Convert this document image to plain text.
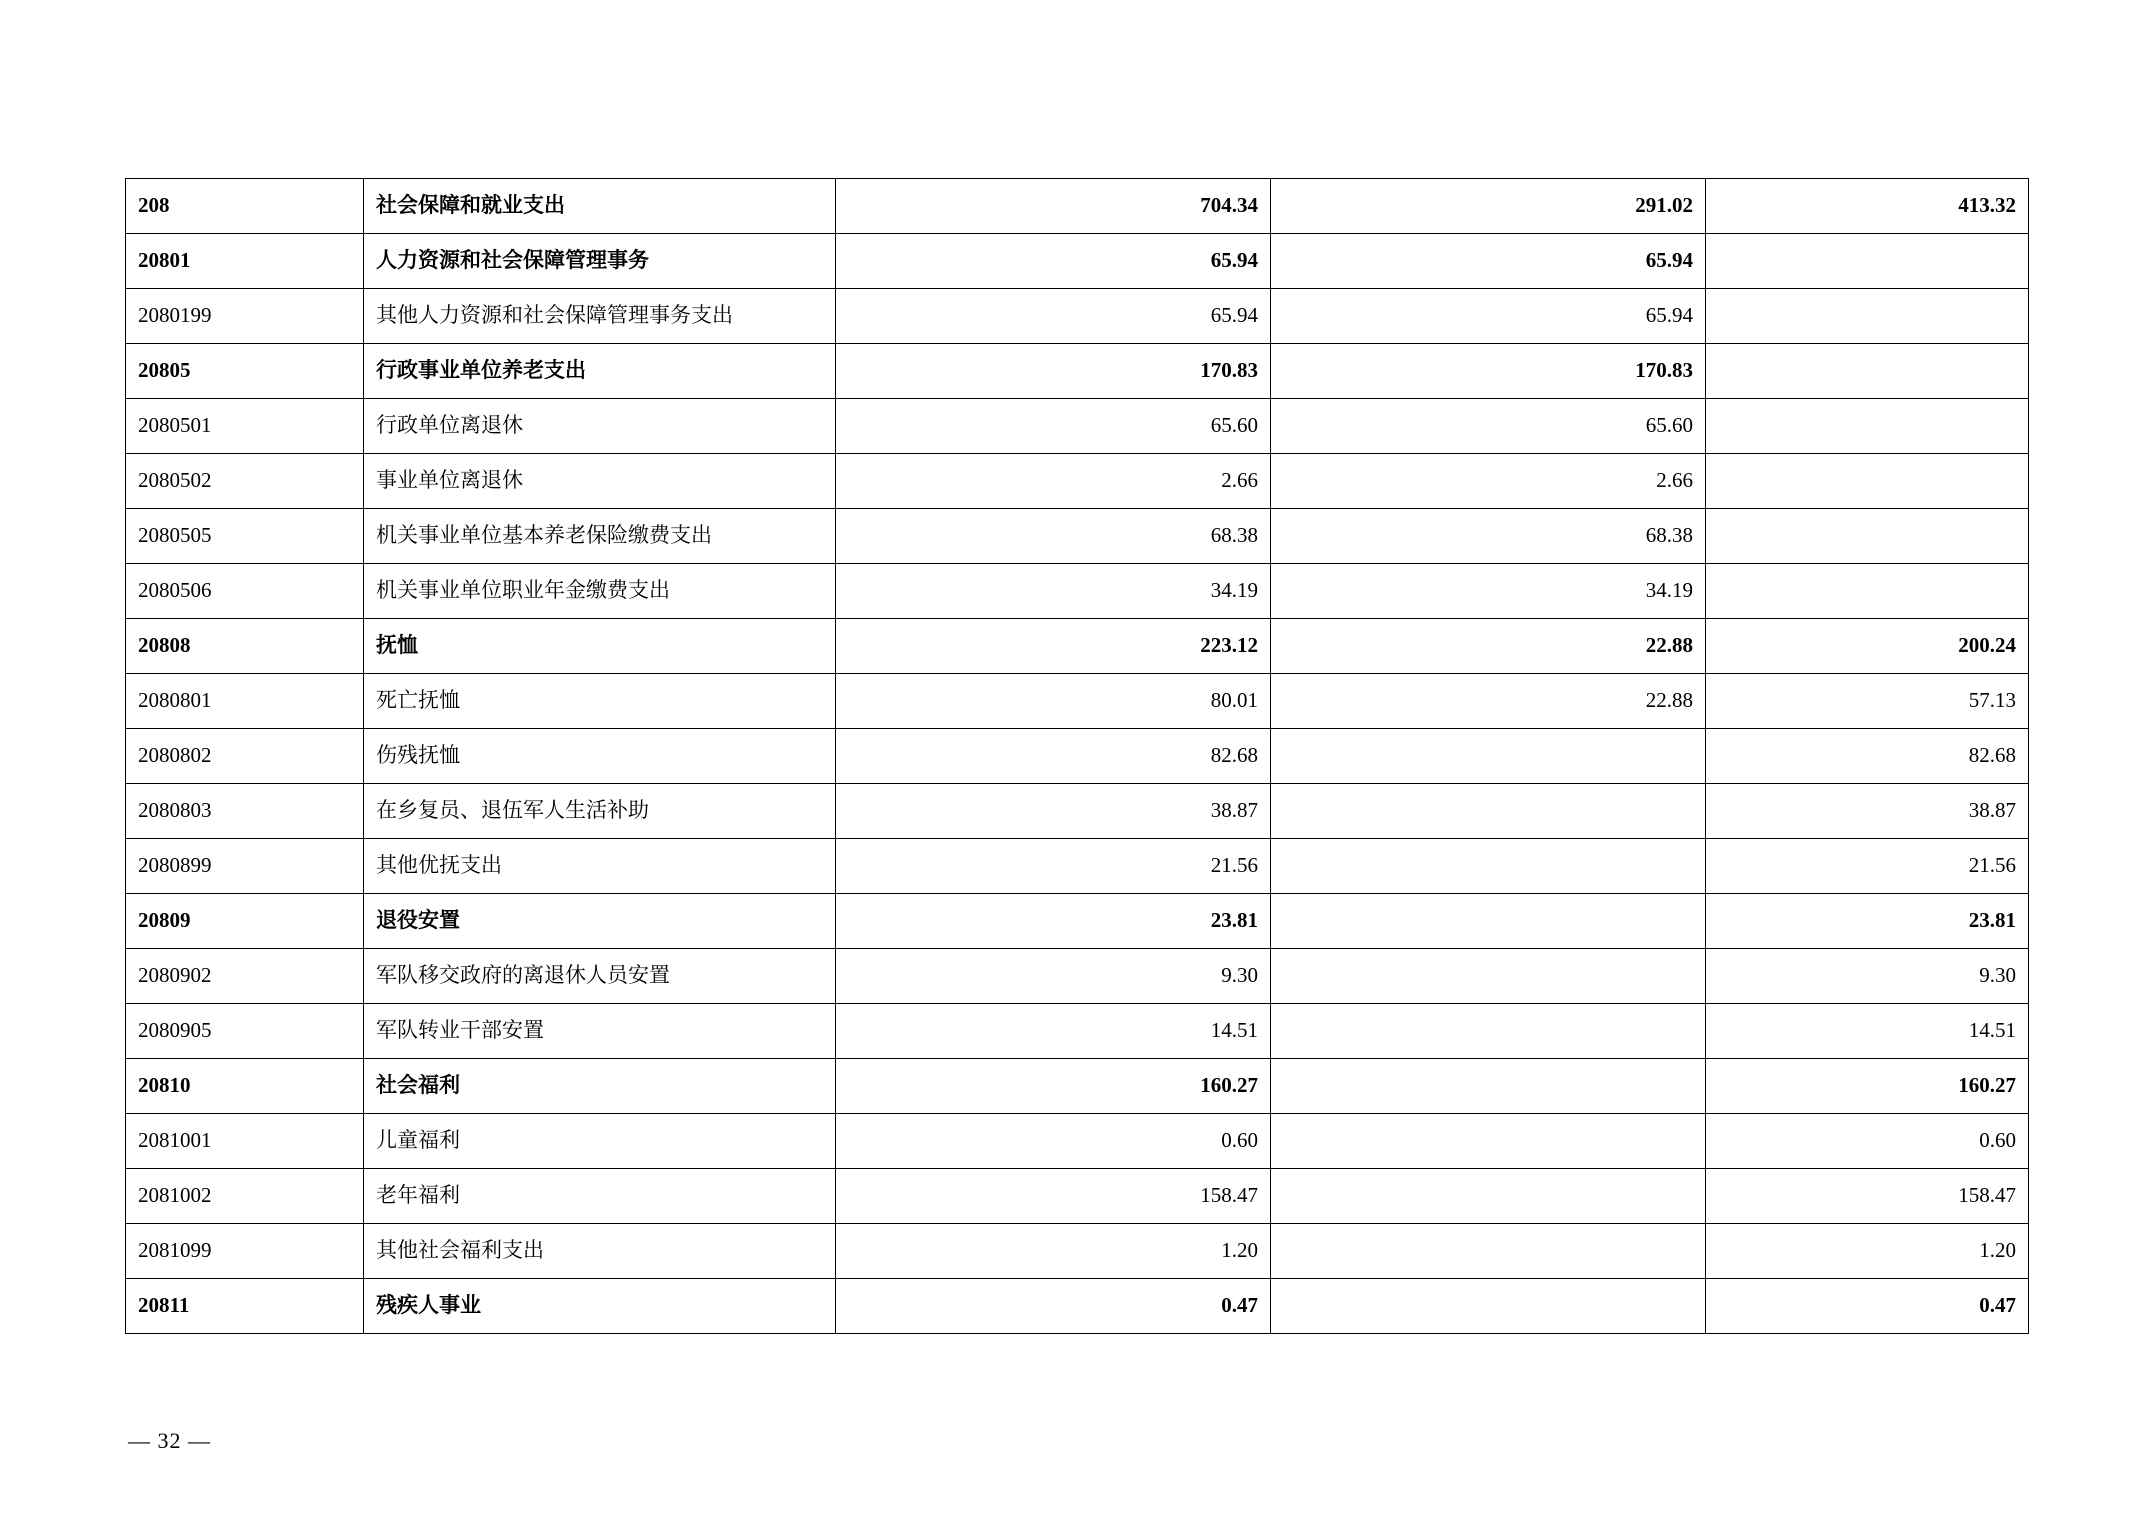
208	社会保障和就业支出	704.34	291.02	413.32
20801	人力资源和社会保障管理事务	65.94	65.94	
2080199	其他人力资源和社会保障管理事务支出	65.94	65.94	
20805	行政事业单位养老支出	170.83	170.83	
2080501	行政单位离退休	65.60	65.60	
2080502	事业单位离退休	2.66	2.66	
2080505	机关事业单位基本养老保险缴费支出	68.38	68.38	
2080506	机关事业单位职业年金缴费支出	34.19	34.19	
20808	抚恤	223.12	22.88	200.24
2080801	死亡抚恤	80.01	22.88	57.13
2080802	伤残抚恤	82.68		82.68
2080803	在乡复员、退伍军人生活补助	38.87		38.87
2080899	其他优抚支出	21.56		21.56
20809	退役安置	23.81		23.81
2080902	军队移交政府的离退休人员安置	9.30		9.30
2080905	军队转业干部安置	14.51		14.51
20810	社会福利	160.27		160.27
2081001	儿童福利	0.60		0.60
2081002	老年福利	158.47		158.47
2081099	其他社会福利支出	1.20		1.20
20811	残疾人事业	0.47		0.47
— 32 —
